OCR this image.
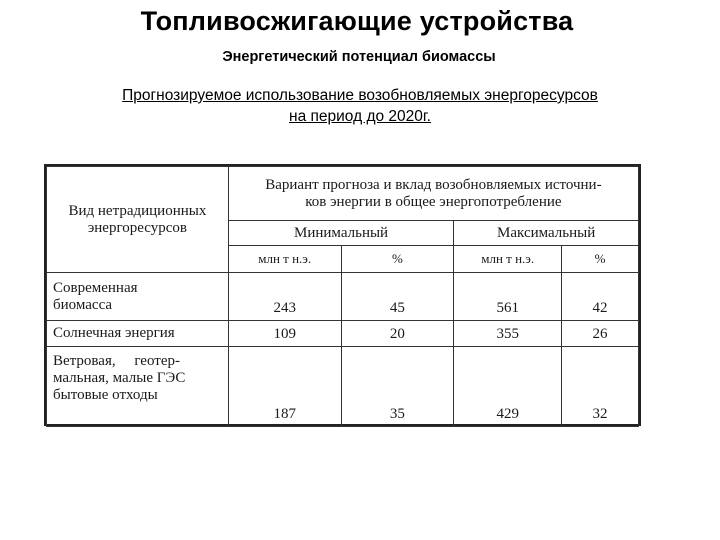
Топливосжигающие устройства
Энергетический потенциал биомассы
Прогнозируемое использование возобновляемых энергоресурсов
на период до 2020г.
Вид нетрадиционных энергоресурсов	Вариант прогноза и вклад возобновляемых источни-
ков энергии в общее энергопотребление			

	Минимальный		Максимальный	
	млн т н.э.	%	млн т н.э.	%

Современная
биомасса	243	45	561	42
Солнечная энергия	109	20	355	26

Ветровая,     геотер-
мальная, малые ГЭС
бытовые отходы	187	35	429	32
